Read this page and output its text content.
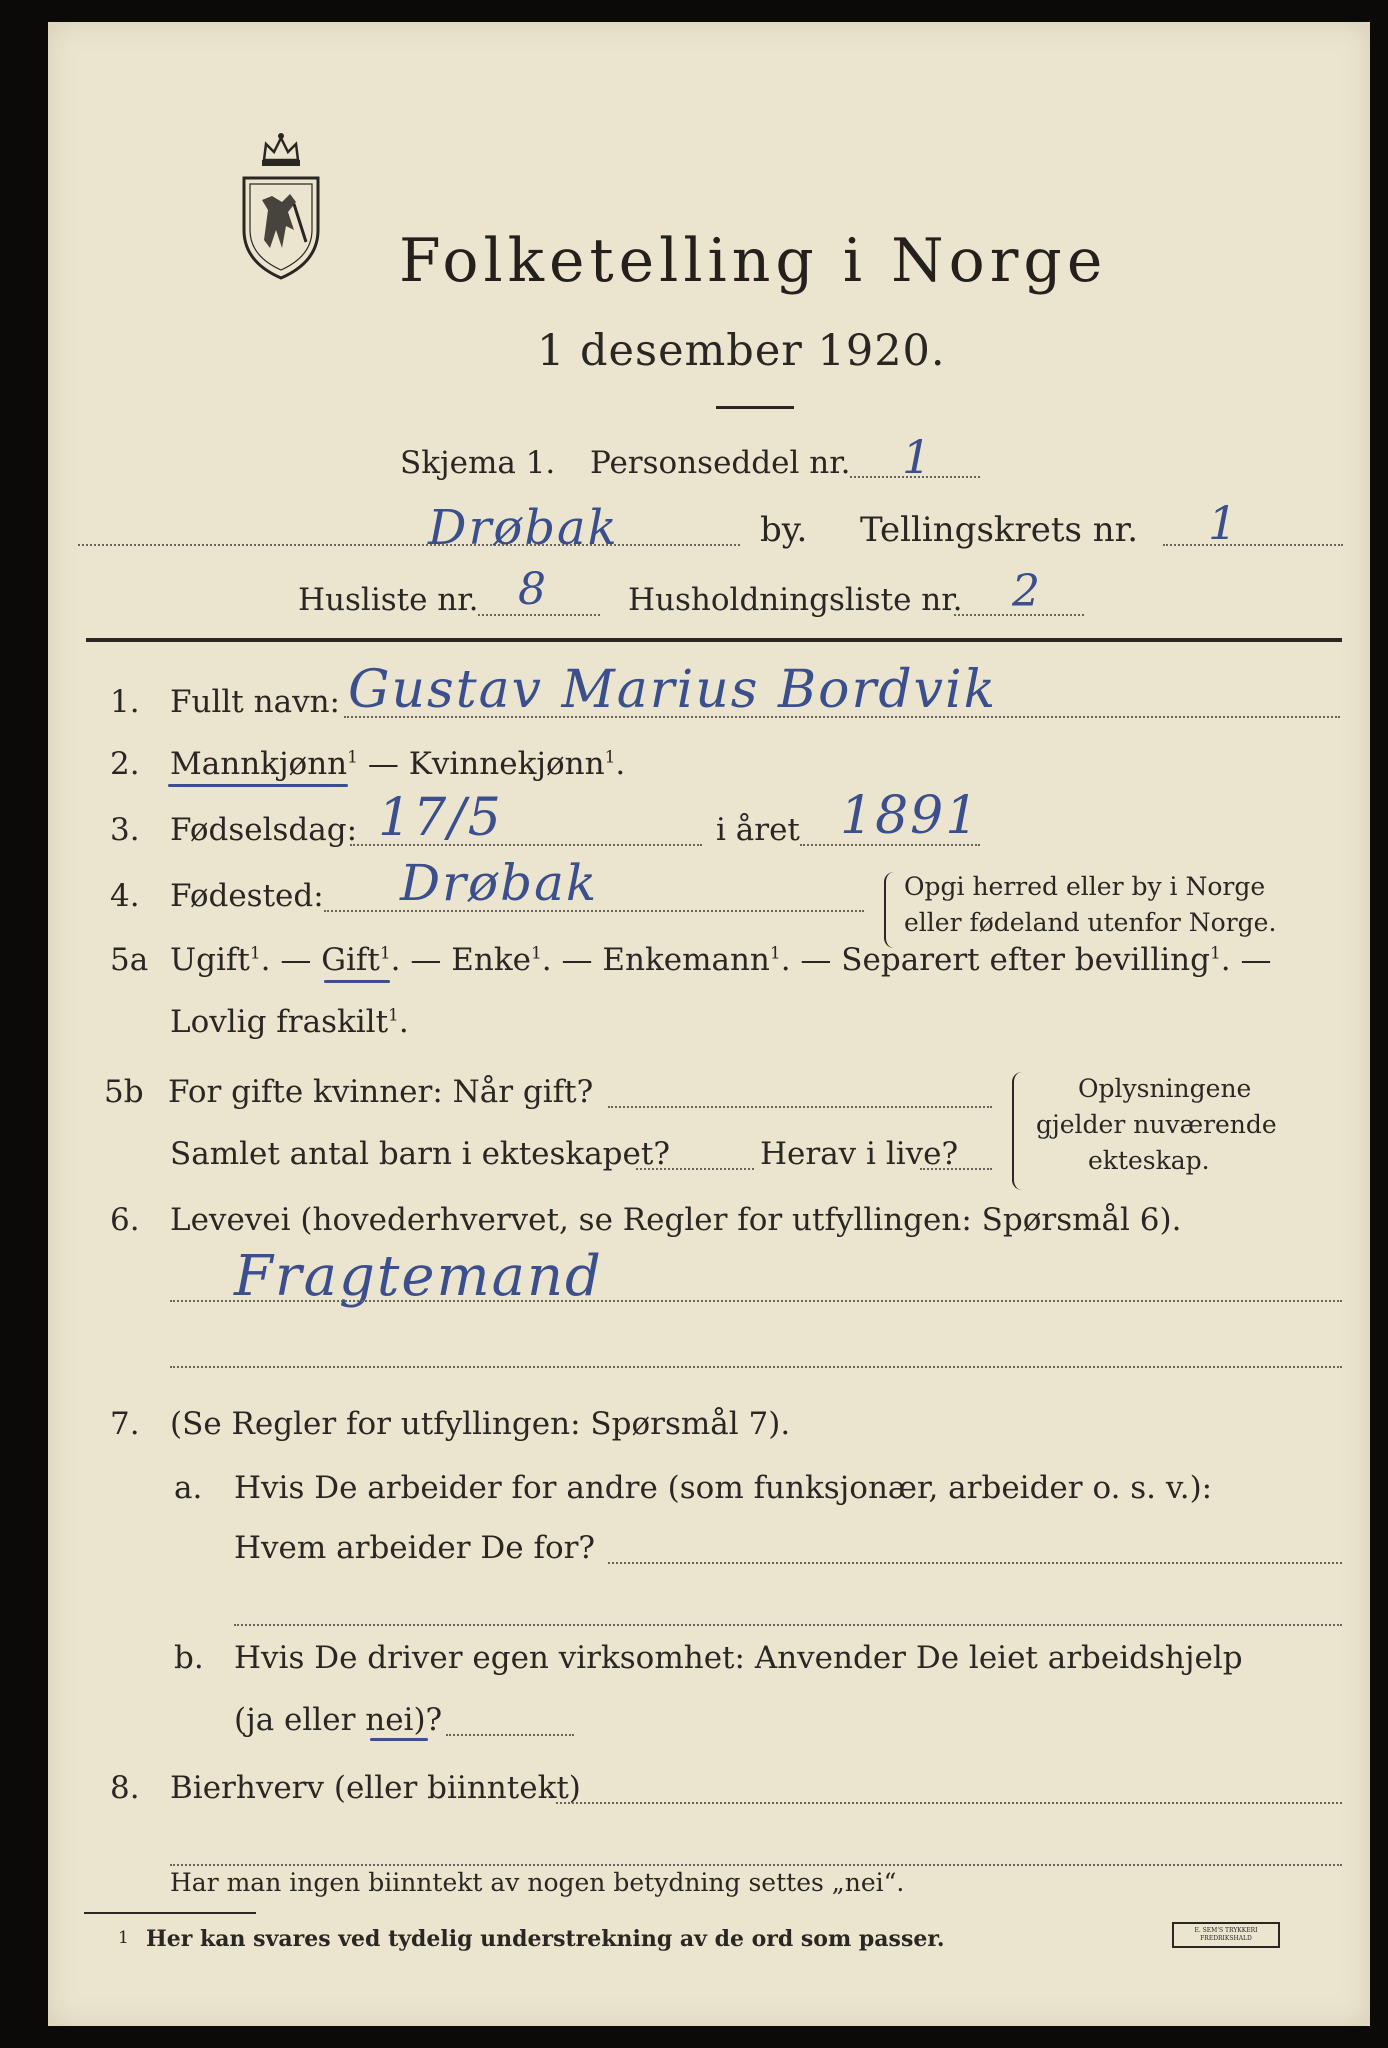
Folketelling i Norge
1 desember 1920.
Skjema 1. Personseddel nr. 1
Drøbak	by. Tellingskrets nr. 1
Husliste nr. 8	Husholdningsliste nr. 2
1. Fullt navn: Gustav Marius Bordvik
2. Mannkjønn$^1$ — Kvinnekjønn$^1$.
3. Fødselsdag: 17/5	i året 1891
4. Fødested: Drøbak	Opgi herred eller by i Norge
eller fødeland utenfor Norge.
5a Ugift$^1$. — Gift$^1$. — Enke$^1$. — Enkemann$^1$. — Separert efter bevilling$^1$. —
Lovlig fraskilt$^1$.
5b For gifte kvinner: Når gift?
Samlet antal barn i ekteskapet?	Herav i live?
Oplysningene
gjelder nuværende
ekteskap.
6. Levevei (hovederhvervet, se Regler for utfyllingen: Spørsmål 6).
Fragtemand
7. (Se Regler for utfyllingen: Spørsmål 7).
a. Hvis De arbeider for andre (som funksjonær, arbeider o. s. v.):
Hvem arbeider De for?
b. Hvis De driver egen virksomhet: Anvender De leiet arbeidshjelp
(ja eller nei)?
8. Bierhverv (eller biinntekt)
Har man ingen biinntekt av nogen betydning settes „nei“.
1 Her kan svares ved tydelig understrekning av de ord som passer.	E. SEM'S TRYKKERI
FREDRIKSHALD
